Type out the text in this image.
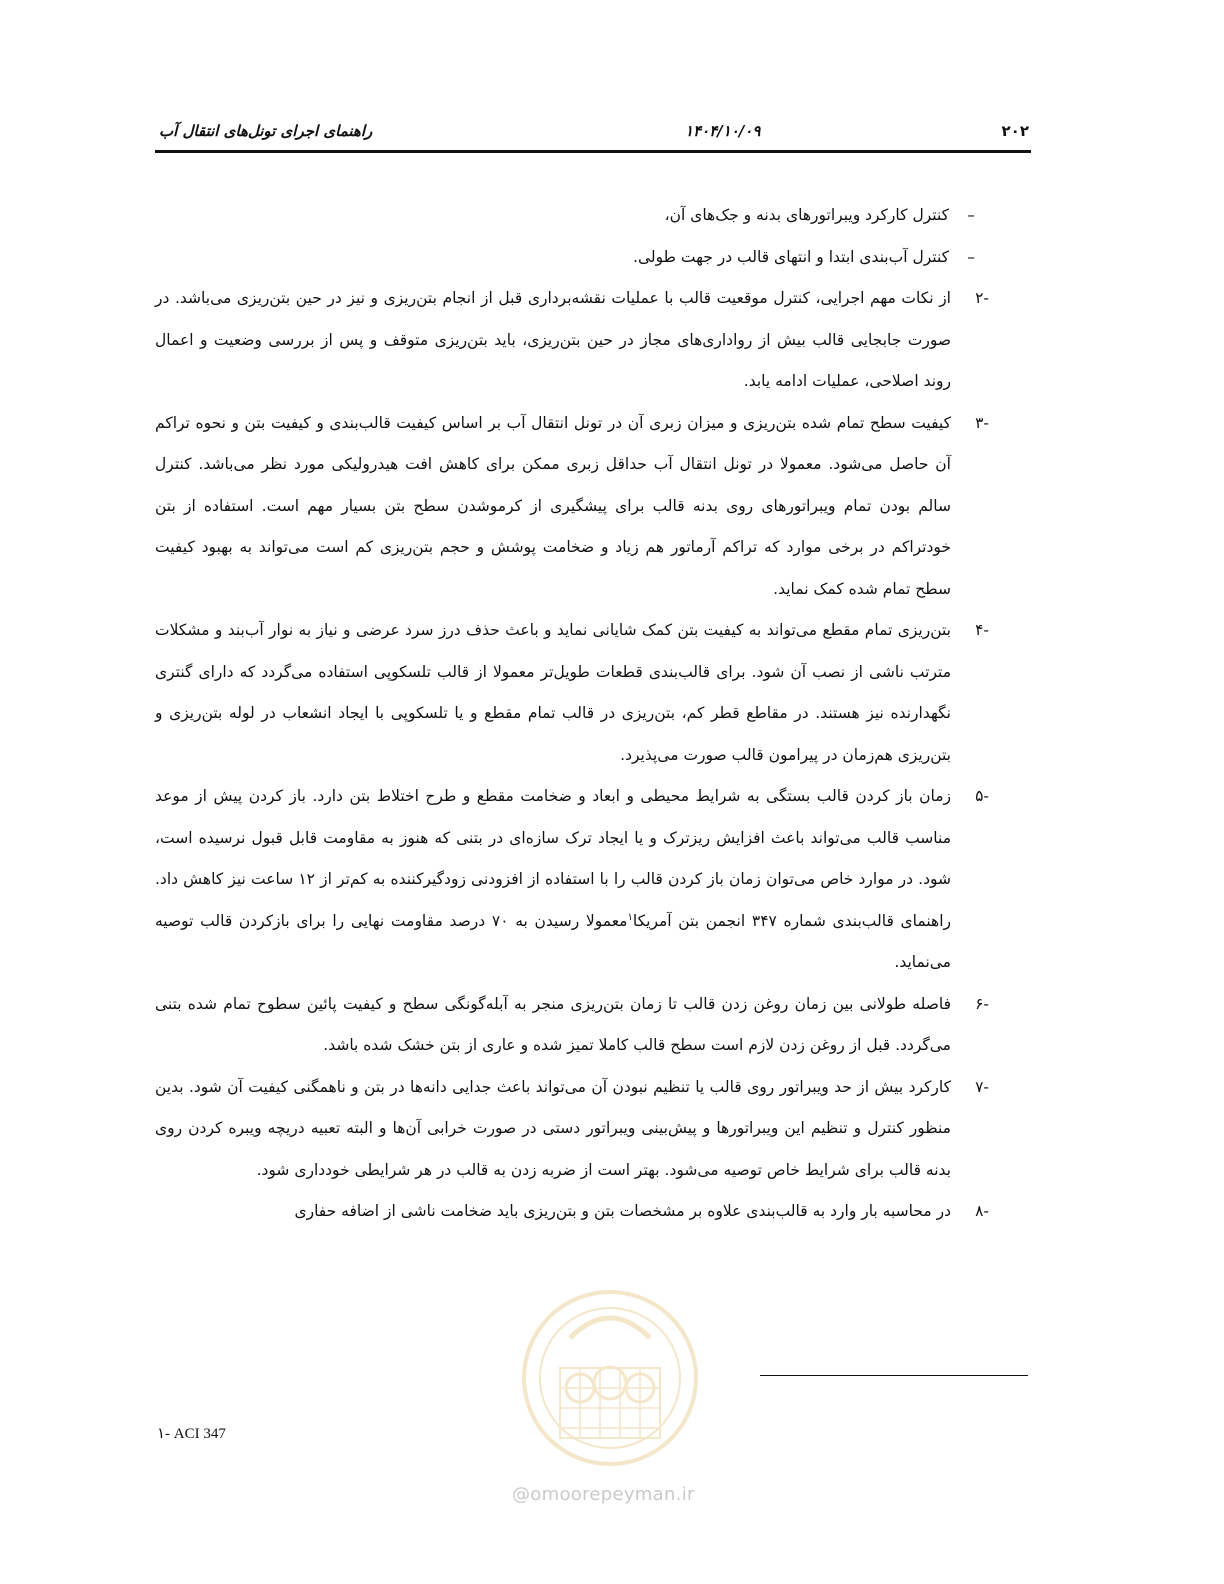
راهنمای اجرای تونل‌های انتقال آب	۱۴۰۴/۱۰/۰۹	۲۰۲
–
کنترل کارکرد ویبراتورهای بدنه و جک‌های آن،
–
کنترل آب‌بندی ابتدا و انتهای قالب در جهت طولی.
-۲
از نکات مهم اجرایی، کنترل موقعیت قالب با عملیات نقشه‌برداری قبل از انجام بتن‌ریزی و نیز در حین بتن‌ریزی می‌باشد. در صورت جابجایی قالب بیش از رواداری‌های مجاز در حین بتن‌ریزی، باید بتن‌ریزی متوقف و پس از بررسی وضعیت و اعمال روند اصلاحی، عملیات ادامه یابد.
-۳
کیفیت سطح تمام شده بتن‌ریزی و میزان زبری آن در تونل انتقال آب بر اساس کیفیت قالب‌بندی و کیفیت بتن و نحوه تراکم آن حاصل می‌شود. معمولا در تونل انتقال آب حداقل زبری ممکن برای کاهش افت هیدرولیکی مورد نظر می‌باشد. کنترل سالم بودن تمام ویبراتورهای روی بدنه قالب برای پیشگیری از کرموشدن سطح بتن بسیار مهم است. استفاده از بتن خودتراکم در برخی موارد که تراکم آرماتور هم زیاد و ضخامت پوشش و حجم بتن‌ریزی کم است می‌تواند به بهبود کیفیت سطح تمام شده کمک نماید.
-۴
بتن‌ریزی تمام مقطع می‌تواند به کیفیت بتن کمک شایانی نماید و باعث حذف درز سرد عرضی و نیاز به نوار آب‌بند و مشکلات مترتب ناشی از نصب آن شود. برای قالب‌بندی قطعات طویل‌تر معمولا از قالب تلسکوپی استفاده می‌گردد که دارای گنتری نگهدارنده نیز هستند. در مقاطع قطر کم، بتن‌ریزی در قالب تمام مقطع و یا تلسکوپی با ایجاد انشعاب در لوله بتن‌ریزی و بتن‌ریزی هم‌زمان در پیرامون قالب صورت می‌پذیرد.
-۵
زمان باز کردن قالب بستگی به شرایط محیطی و ابعاد و ضخامت مقطع و طرح اختلاط بتن دارد. باز کردن پیش از موعد مناسب قالب می‌تواند باعث افزایش ریزترک و یا ایجاد ترک سازه‌ای در بتنی که هنوز به مقاومت قابل قبول نرسیده است، شود. در موارد خاص می‌توان زمان باز کردن قالب را با استفاده از افزودنی زودگیرکننده به کم‌تر از ۱۲ ساعت نیز کاهش داد. راهنمای قالب‌بندی شماره ۳۴۷ انجمن بتن آمریکا$^۱$معمولا رسیدن به ۷۰ درصد مقاومت نهایی را برای بازکردن قالب توصیه می‌نماید.
-۶
فاصله طولانی بین زمان روغن زدن قالب تا زمان بتن‌ریزی منجر به آبله‌گونگی سطح و کیفیت پائین سطوح تمام شده بتنی می‌گردد. قبل از روغن زدن لازم است سطح قالب کاملا تمیز شده و عاری از بتن خشک شده باشد.
-۷
کارکرد بیش از حد ویبراتور روی قالب یا تنظیم نبودن آن می‌تواند باعث جدایی دانه‌ها در بتن و ناهمگنی کیفیت آن شود. بدین منظور کنترل و تنظیم این ویبراتورها و پیش‌بینی ویبراتور دستی در صورت خرابی آن‌ها و البته تعبیه دریچه ویبره کردن روی بدنه قالب برای شرایط خاص توصیه می‌شود. بهتر است از ضربه زدن به قالب در هر شرایطی خودداری شود.
-۸
در محاسبه بار وارد به قالب‌بندی علاوه بر مشخصات بتن و بتن‌ریزی باید ضخامت ناشی از اضافه حفاری
@omoorepeyman.ir
۱- ACI 347
